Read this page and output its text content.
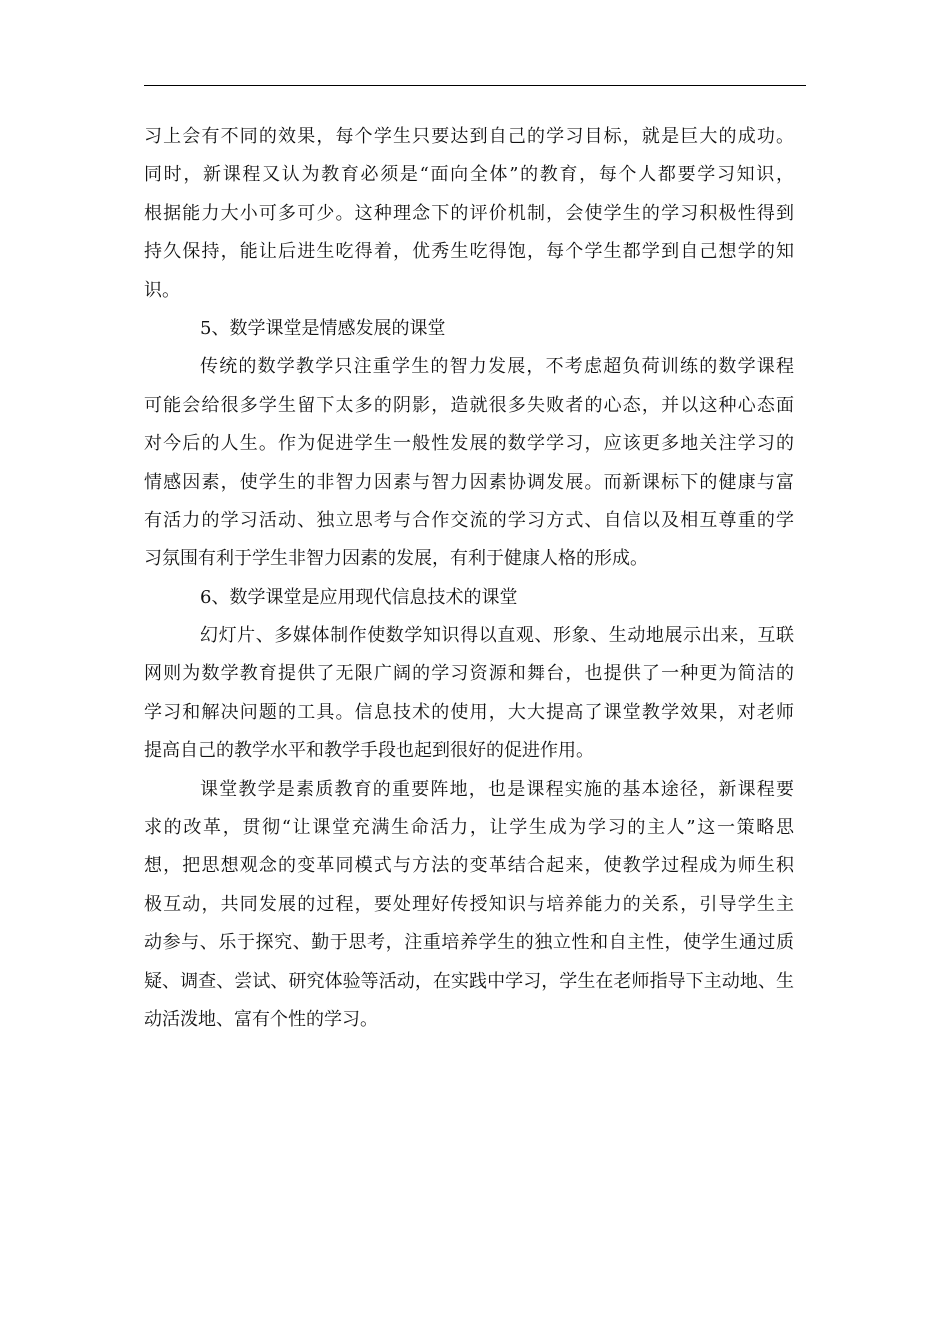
习上会有不同的效果，每个学生只要达到自己的学习目标，就是巨大的成功。
同时，新课程又认为教育必须是“面向全体”的教育，每个人都要学习知识，
根据能力大小可多可少。这种理念下的评价机制，会使学生的学习积极性得到
持久保持，能让后进生吃得着，优秀生吃得饱，每个学生都学到自己想学的知
识。
5、数学课堂是情感发展的课堂
传统的数学教学只注重学生的智力发展，不考虑超负荷训练的数学课程
可能会给很多学生留下太多的阴影，造就很多失败者的心态，并以这种心态面
对今后的人生。作为促进学生一般性发展的数学学习，应该更多地关注学习的
情感因素，使学生的非智力因素与智力因素协调发展。而新课标下的健康与富
有活力的学习活动、独立思考与合作交流的学习方式、自信以及相互尊重的学
习氛围有利于学生非智力因素的发展，有利于健康人格的形成。
6、数学课堂是应用现代信息技术的课堂
幻灯片、多媒体制作使数学知识得以直观、形象、生动地展示出来，互联
网则为数学教育提供了无限广阔的学习资源和舞台，也提供了一种更为简洁的
学习和解决问题的工具。信息技术的使用，大大提高了课堂教学效果，对老师
提高自己的教学水平和教学手段也起到很好的促进作用。
课堂教学是素质教育的重要阵地，也是课程实施的基本途径，新课程要
求的改革，贯彻“让课堂充满生命活力，让学生成为学习的主人”这一策略思
想，把思想观念的变革同模式与方法的变革结合起来，使教学过程成为师生积
极互动，共同发展的过程，要处理好传授知识与培养能力的关系，引导学生主
动参与、乐于探究、勤于思考，注重培养学生的独立性和自主性，使学生通过质
疑、调查、尝试、研究体验等活动，在实践中学习，学生在老师指导下主动地、生
动活泼地、富有个性的学习。
